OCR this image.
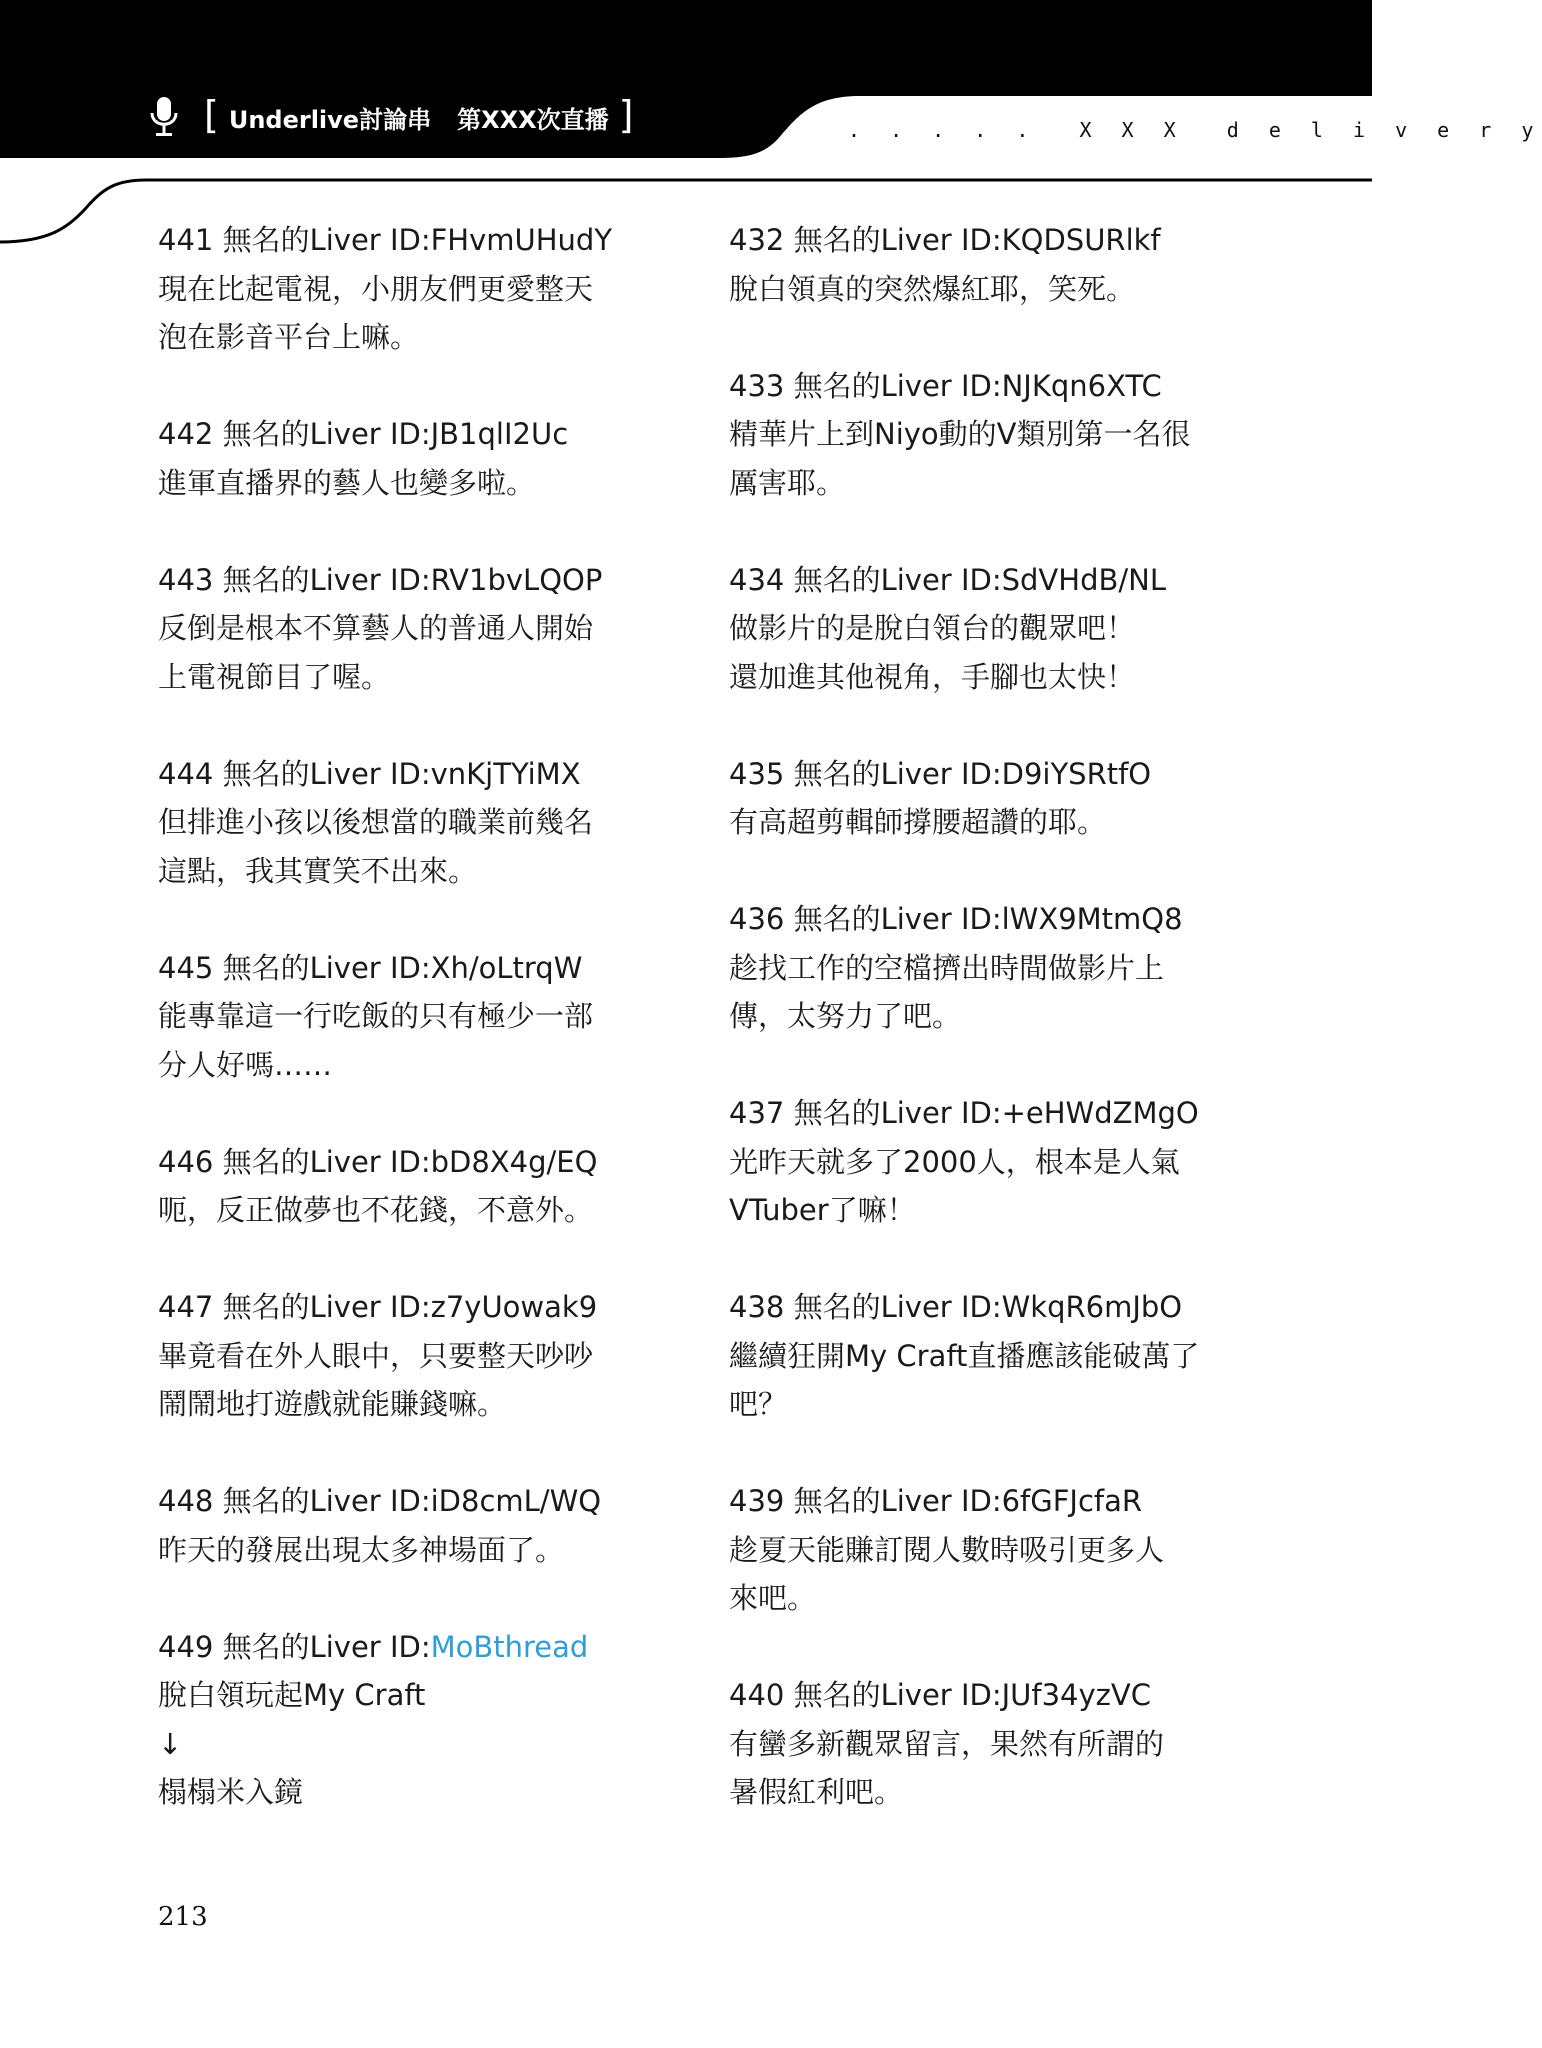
[ Underlive討論串 第XXX次直播 ]	. . . . .  X X X  d e l i v e r y
441 無名的Liver ID:FHvmUHudY
現在比起電視，小朋友們更愛整天
泡在影音平台上嘛。
442 無名的Liver ID:JB1qlI2Uc
進軍直播界的藝人也變多啦。
443 無名的Liver ID:RV1bvLQOP
反倒是根本不算藝人的普通人開始
上電視節目了喔。
444 無名的Liver ID:vnKjTYiMX
但排進小孩以後想當的職業前幾名
這點，我其實笑不出來。
445 無名的Liver ID:Xh/oLtrqW
能專靠這一行吃飯的只有極少一部
分人好嗎……
446 無名的Liver ID:bD8X4g/EQ
呃，反正做夢也不花錢，不意外。
447 無名的Liver ID:z7yUowak9
畢竟看在外人眼中，只要整天吵吵
鬧鬧地打遊戲就能賺錢嘛。
448 無名的Liver ID:iD8cmL/WQ
昨天的發展出現太多神場面了。
449 無名的Liver ID:MoBthread
脫白領玩起My Craft
↓
榻榻米入鏡
432 無名的Liver ID:KQDSURlkf
脫白領真的突然爆紅耶，笑死。
433 無名的Liver ID:NJKqn6XTC
精華片上到Niyo動的V類別第一名很
厲害耶。
434 無名的Liver ID:SdVHdB/NL
做影片的是脫白領台的觀眾吧！
還加進其他視角，手腳也太快！
435 無名的Liver ID:D9iYSRtfO
有高超剪輯師撐腰超讚的耶。
436 無名的Liver ID:lWX9MtmQ8
趁找工作的空檔擠出時間做影片上
傳，太努力了吧。
437 無名的Liver ID:+eHWdZMgO
光昨天就多了2000人，根本是人氣
VTuber了嘛！
438 無名的Liver ID:WkqR6mJbO
繼續狂開My Craft直播應該能破萬了
吧？
439 無名的Liver ID:6fGFJcfaR
趁夏天能賺訂閱人數時吸引更多人
來吧。
440 無名的Liver ID:JUf34yzVC
有蠻多新觀眾留言，果然有所謂的
暑假紅利吧。
213
